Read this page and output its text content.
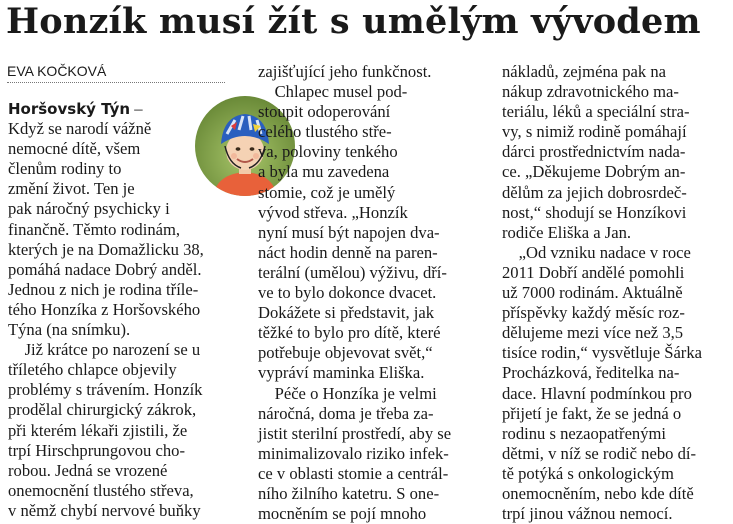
Honzík musí žít s umělým vývodem
EVA KOČKOVÁ
Horšovský Týn –
Když se narodí vážně
nemocné dítě, všem
členům rodiny to
změní život. Ten je
pak náročný psychicky i
finančně. Těmto rodinám,
kterých je na Domažlicku 38,
pomáhá nadace Dobrý anděl.
Jednou z nich je rodina tříle-
tého Honzíka z Horšovského
Týna (na snímku).
 Již krátce po narození se u
tříletého chlapce objevily
problémy s trávením. Honzík
prodělal chirurgický zákrok,
při kterém lékaři zjistili, že
trpí Hirschprungovou cho-
robou. Jedná se vrozené
onemocnění tlustého střeva,
v němž chybí nervové buňky
zajišťující jeho funkčnost.
 Chlapec musel pod-
stoupit odoperování
celého tlustého stře-
va, poloviny tenkého
a byla mu zavedena
stomie, což je umělý
vývod střeva. „Honzík
nyní musí být napojen dva-
náct hodin denně na paren-
terální (umělou) výživu, dří-
ve to bylo dokonce dvacet.
Dokážete si představit, jak
těžké to bylo pro dítě, které
potřebuje objevovat svět,“
vypráví maminka Eliška.
 Péče o Honzíka je velmi
náročná, doma je třeba za-
jistit sterilní prostředí, aby se
minimalizovalo riziko infek-
ce v oblasti stomie a centrál-
ního žilního katetru. S one-
mocněním se pojí mnoho
nákladů, zejména pak na
nákup zdravotnického ma-
teriálu, léků a speciální stra-
vy, s nimiž rodině pomáhají
dárci prostřednictvím nada-
ce. „Děkujeme Dobrým an-
dělům za jejich dobrosrdeč-
nost,“ shodují se Honzíkovi
rodiče Eliška a Jan.
 „Od vzniku nadace v roce
2011 Dobří andělé pomohli
už 7000 rodinám. Aktuálně
příspěvky každý měsíc roz-
dělujeme mezi více než 3,5
tisíce rodin,“ vysvětluje Šárka
Procházková, ředitelka na-
dace. Hlavní podmínkou pro
přijetí je fakt, že se jedná o
rodinu s nezaopatřenými
dětmi, v níž se rodič nebo dí-
tě potýká s onkologickým
onemocněním, nebo kde dítě
trpí jinou vážnou nemocí.
